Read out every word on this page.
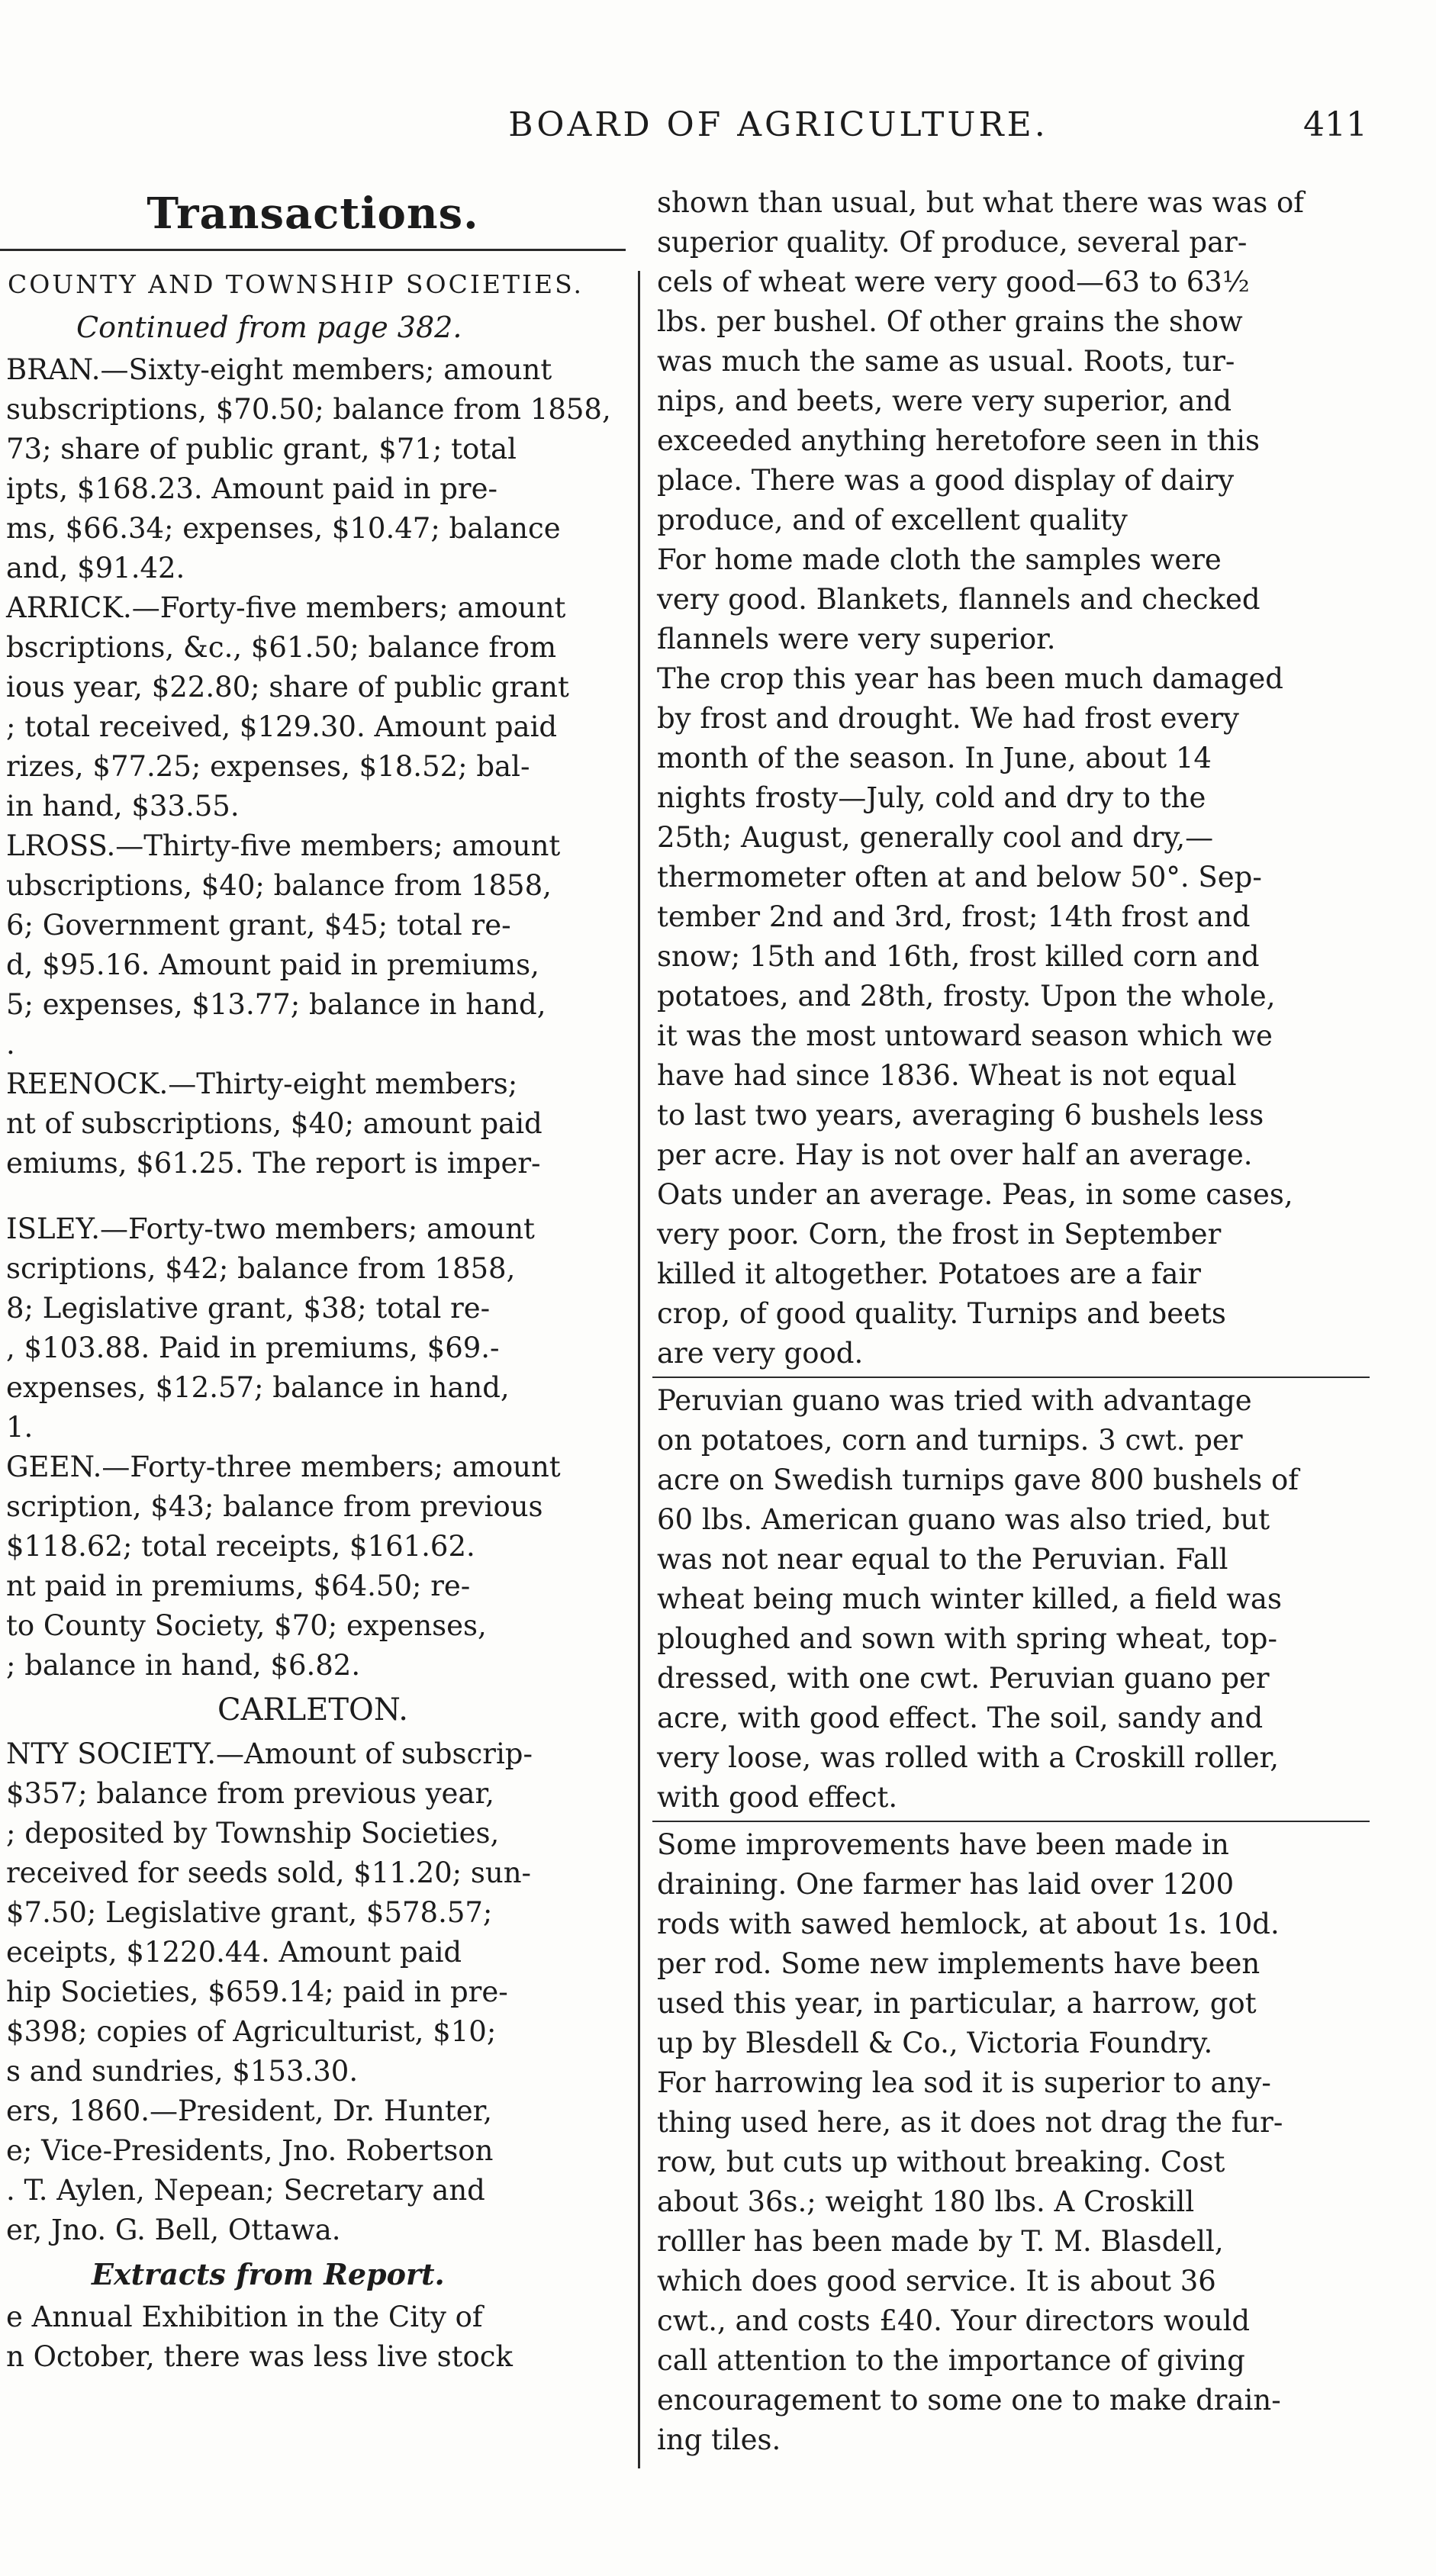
BOARD OF AGRICULTURE.	411
Transactions.
COUNTY AND TOWNSHIP SOCIETIES.
Continued from page 382.
BRAN.—Sixty-eight members; amount
subscriptions, $70.50; balance from 1858,
73; share of public grant, $71; total
ipts, $168.23. Amount paid in pre-
ms, $66.34; expenses, $10.47; balance
and, $91.42.
ARRICK.—Forty-five members; amount
bscriptions, &c., $61.50; balance from
ious year, $22.80; share of public grant
; total received, $129.30. Amount paid
rizes, $77.25; expenses, $18.52; bal-
in hand, $33.55.
LROSS.—Thirty-five members; amount
ubscriptions, $40; balance from 1858,
6; Government grant, $45; total re-
d, $95.16. Amount paid in premiums,
5; expenses, $13.77; balance in hand,
.
REENOCK.—Thirty-eight members;
nt of subscriptions, $40; amount paid
emiums, $61.25. The report is imper-
ISLEY.—Forty-two members; amount
scriptions, $42; balance from 1858,
8; Legislative grant, $38; total re-
, $103.88. Paid in premiums, $69.-
expenses, $12.57; balance in hand,
1.
GEEN.—Forty-three members; amount
scription, $43; balance from previous
$118.62; total receipts, $161.62.
nt paid in premiums, $64.50; re-
to County Society, $70; expenses,
; balance in hand, $6.82.
CARLETON.
NTY SOCIETY.—Amount of subscrip-
$357; balance from previous year,
; deposited by Township Societies,
received for seeds sold, $11.20; sun-
$7.50; Legislative grant, $578.57;
eceipts, $1220.44. Amount paid
hip Societies, $659.14; paid in pre-
$398; copies of Agriculturist, $10;
s and sundries, $153.30.
ers, 1860.—President, Dr. Hunter,
e; Vice-Presidents, Jno. Robertson
. T. Aylen, Nepean; Secretary and
er, Jno. G. Bell, Ottawa.
Extracts from Report.
e Annual Exhibition in the City of
n October, there was less live stock
shown than usual, but what there was was of
superior quality. Of produce, several par-
cels of wheat were very good—63 to 63½
lbs. per bushel. Of other grains the show
was much the same as usual. Roots, tur-
nips, and beets, were very superior, and
exceeded anything heretofore seen in this
place. There was a good display of dairy
produce, and of excellent quality
For home made cloth the samples were
very good. Blankets, flannels and checked
flannels were very superior.
The crop this year has been much damaged
by frost and drought. We had frost every
month of the season. In June, about 14
nights frosty—July, cold and dry to the
25th; August, generally cool and dry,—
thermometer often at and below 50°. Sep-
tember 2nd and 3rd, frost; 14th frost and
snow; 15th and 16th, frost killed corn and
potatoes, and 28th, frosty. Upon the whole,
it was the most untoward season which we
have had since 1836. Wheat is not equal
to last two years, averaging 6 bushels less
per acre. Hay is not over half an average.
Oats under an average. Peas, in some cases,
very poor. Corn, the frost in September
killed it altogether. Potatoes are a fair
crop, of good quality. Turnips and beets
are very good.
Peruvian guano was tried with advantage
on potatoes, corn and turnips. 3 cwt. per
acre on Swedish turnips gave 800 bushels of
60 lbs. American guano was also tried, but
was not near equal to the Peruvian. Fall
wheat being much winter killed, a field was
ploughed and sown with spring wheat, top-
dressed, with one cwt. Peruvian guano per
acre, with good effect. The soil, sandy and
very loose, was rolled with a Croskill roller,
with good effect.
Some improvements have been made in
draining. One farmer has laid over 1200
rods with sawed hemlock, at about 1s. 10d.
per rod. Some new implements have been
used this year, in particular, a harrow, got
up by Blesdell & Co., Victoria Foundry.
For harrowing lea sod it is superior to any-
thing used here, as it does not drag the fur-
row, but cuts up without breaking. Cost
about 36s.; weight 180 lbs. A Croskill
rolller has been made by T. M. Blasdell,
which does good service. It is about 36
cwt., and costs £40. Your directors would
call attention to the importance of giving
encouragement to some one to make drain-
ing tiles.
